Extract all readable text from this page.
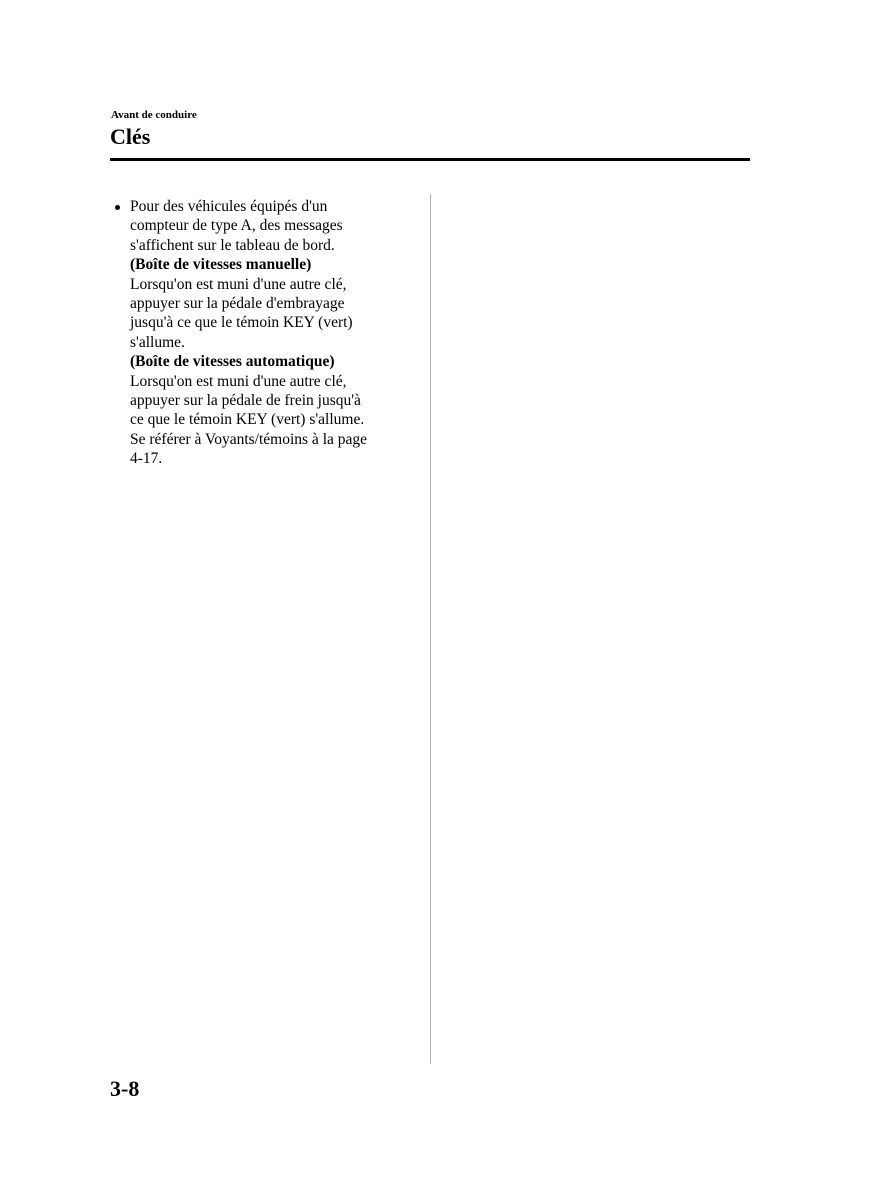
Avant de conduire
Clés
Pour des véhicules équipés d'un
compteur de type A, des messages
s'affichent sur le tableau de bord.
(Boîte de vitesses manuelle)
Lorsqu'on est muni d'une autre clé,
appuyer sur la pédale d'embrayage
jusqu'à ce que le témoin KEY (vert)
s'allume.
(Boîte de vitesses automatique)
Lorsqu'on est muni d'une autre clé,
appuyer sur la pédale de frein jusqu'à
ce que le témoin KEY (vert) s'allume.
Se référer à Voyants/témoins à la page
4-17.
3-8
